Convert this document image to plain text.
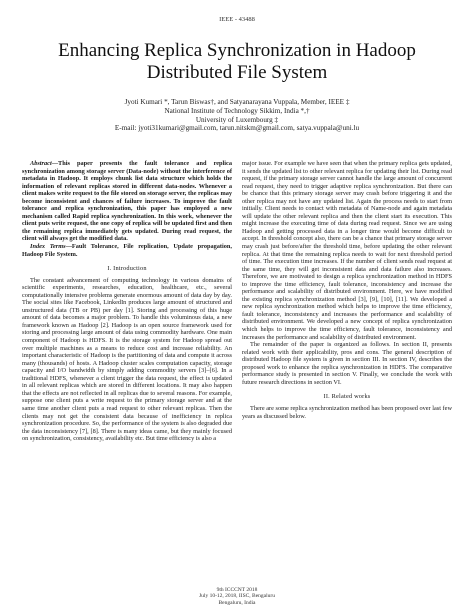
IEEE - 43488
Enhancing Replica Synchronization in Hadoop
Distributed File System
Jyoti Kumari *, Tarun Biswas†, and Satyanarayana Vuppala, Member, IEEE ‡
National Institute of Technology Sikkim, India *,†
University of Luxembourg ‡
E-mail: jyoti31kumari@gmail.com, tarun.nitskm@gmail.com, satya.vuppala@uni.lu

Abstract—This paper presents the fault tolerance and replica synchronization among storage server (Data-node) without the interference of metadata in Hadoop. It employs chunk list data structure which holds the information of relevant replicas stored in different data-nodes. Whenever a client makes write request to the file stored on storage server, the replicas may become inconsistent and chances of failure increases. To improve the fault tolerance and replica synchronization, this paper has employed a new mechanism called Rapid replica synchronization. In this work, whenever the client puts write request, the one copy of replica will be updated first and then the remaining replica immediately gets updated. During read request, the client will always get the modified data.

Index Terms—Fault Tolerance, File replication, Update propagation, Hadoop File System.

I. Introduction

The constant advancement of computing technology in various domains of scientific experiments, researches, education, healthcare, etc., several computationally intensive problems generate enormous amount of data day by day. The social sites like Facebook, LinkedIn produces large amount of structured and unstructured data (TB or PB) per day [1]. Storing and processing of this huge amount of data becomes a major problem. To handle this voluminous data, a new framework known as Hadoop [2]. Hadoop is an open source framework used for storing and processing large amount of data using commodity hardware. One main component of Hadoop is HDFS. It is the storage system for Hadoop spread out over multiple machines as a means to reduce cost and increase reliability. An important characteristic of Hadoop is the partitioning of data and compute it across many (thousands) of hosts. A Hadoop cluster scales computation capacity, storage capacity and I/O bandwidth by simply adding commodity servers [3]–[6]. In a traditional HDFS, whenever a client trigger the data request, the effect is updated in all relevant replicas which are stored in different locations. It may also happen that the effects are not reflected in all replicas due to several reasons. For example, suppose one client puts a write request to the primary storage server and at the same time another client puts a read request to other relevant replicas. Then the clients may not get the consistent data because of inefficiency in replica synchronization procedure. So, the performance of the system is also degraded due the data inconsistency [7], [8]. There is many ideas came, but they mainly focused on synchronization, consistency, availability etc. But time efficiency is also a

major issue. For example we have seen that when the primary replica gets updated, it sends the updated list to other relevant replica for updating their list. During read request, if the primary storage server cannot handle the large amount of concurrent read request, they need to trigger adaptive replica synchronization. But there can be chance that this primary storage server may crash before triggering it and the other replica may not have any updated list. Again the process needs to start from initially. Client needs to contact with metadata of Name-node and again metadata will update the other relevant replica and then the client start its execution. This might increase the executing time of data during read request. Since we are using Hadoop and getting processed data in a longer time would become difficult to accept. In threshold concept also, there can be a chance that primary storage server may crash just before/after the threshold time, before updating the other relevant replica. At that time the remaining replica needs to wait for next threshold period of time. The execution time increases. If the number of client sends read request at the same time, they will get inconsistent data and data failure also increases. Therefore, we are motivated to design a replica synchronization method in HDFS to improve the time efficiency, fault tolerance, inconsistency and increase the performance and scalability of distributed environment. Here, we have modified the existing replica synchronization method [3], [9], [10], [11]. We developed a new replica synchronization method which helps to improve the time efficiency, fault tolerance, inconsistency and increases the performance and scalability of distributed environment. We developed a new concept of replica synchronization which helps to improve the time efficiency, fault tolerance, inconsistency and increases the performance and scalability of distributed environment.

The remainder of the paper is organized as follows. In section II, presents related work with their applicability, pros and cons. The general description of distributed Hadoop file system is given in section III. In section IV, describes the proposed work to enhance the replica synchronization in HDFS. The comparative performance study is presented in section V. Finally, we conclude the work with future research directions in section VI.

II. Related works

There are some replica synchronization method has been proposed over last few years as discussed below.

9th ICCCNT 2018
July 10-12, 2018, IISC, Bengaluru
Bengaluru, India
